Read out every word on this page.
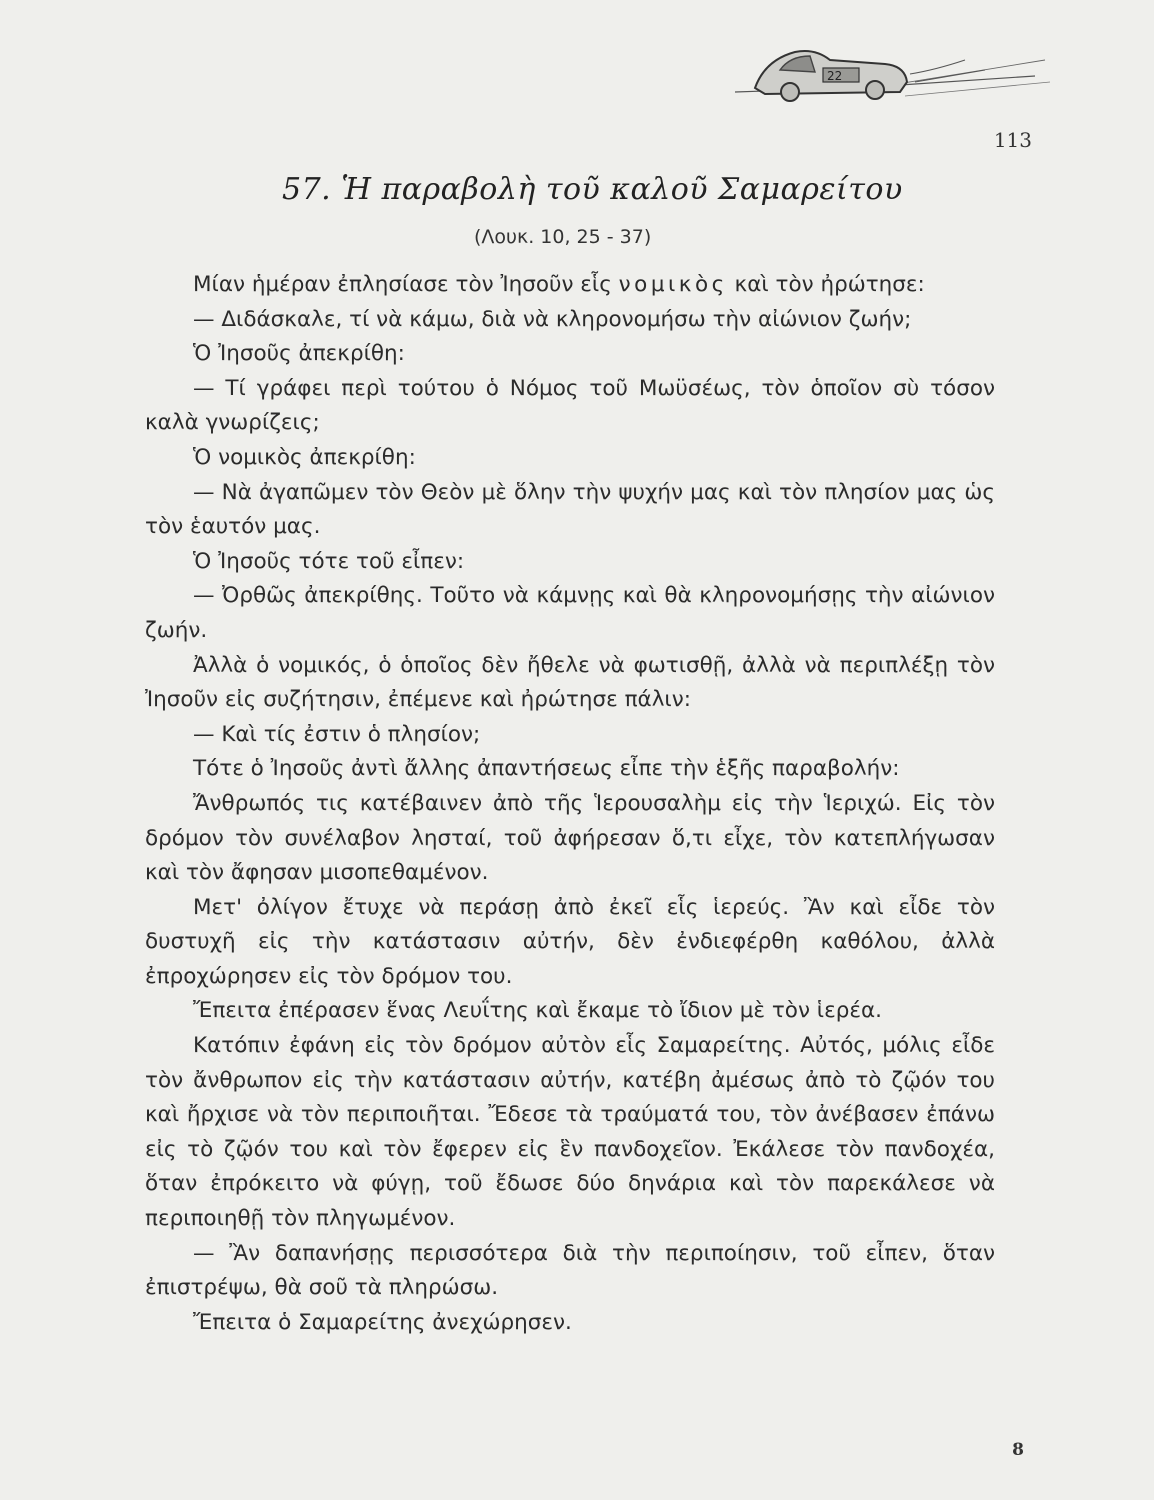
22
113
57. Ἡ παραβολὴ τοῦ καλοῦ Σαμαρείτου
(Λουκ. 10, 25 - 37)

Μίαν ἡμέραν ἐπλησίασε τὸν Ἰησοῦν εἷς νομικὸς καὶ τὸν ἠρώτησε:

— Διδάσκαλε, τί νὰ κάμω, διὰ νὰ κληρονομήσω τὴν αἰώνιον ζωήν;

Ὁ Ἰησοῦς ἀπεκρίθη:

— Τί γράφει περὶ τούτου ὁ Νόμος τοῦ Μωϋσέως, τὸν ὁποῖον σὺ τόσον καλὰ γνωρίζεις;

Ὁ νομικὸς ἀπεκρίθη:

— Νὰ ἀγαπῶμεν τὸν Θεὸν μὲ ὅλην τὴν ψυχήν μας καὶ τὸν πλησίον μας ὡς τὸν ἑαυτόν μας.

Ὁ Ἰησοῦς τότε τοῦ εἶπεν:

— Ὀρθῶς ἀπεκρίθης. Τοῦτο νὰ κάμνῃς καὶ θὰ κληρονομήσῃς τὴν αἰώνιον ζωήν.

Ἀλλὰ ὁ νομικός, ὁ ὁποῖος δὲν ἤθελε νὰ φωτισθῇ, ἀλλὰ νὰ περιπλέξῃ τὸν Ἰησοῦν εἰς συζήτησιν, ἐπέμενε καὶ ἠρώτησε πάλιν:

— Καὶ τίς ἐστιν ὁ πλησίον;

Τότε ὁ Ἰησοῦς ἀντὶ ἄλλης ἀπαντήσεως εἶπε τὴν ἑξῆς παραβολήν:

Ἄνθρωπός τις κατέβαινεν ἀπὸ τῆς Ἱερουσαλὴμ εἰς τὴν Ἱεριχώ. Εἰς τὸν δρόμον τὸν συνέλαβον λησταί, τοῦ ἀφήρεσαν ὅ,τι εἶχε, τὸν κατεπλήγωσαν καὶ τὸν ἄφησαν μισοπεθαμένον.

Μετ' ὀλίγον ἔτυχε νὰ περάσῃ ἀπὸ ἐκεῖ εἷς ἱερεύς. Ἂν καὶ εἶδε τὸν δυστυχῆ εἰς τὴν κατάστασιν αὐτήν, δὲν ἐνδιεφέρθη καθόλου, ἀλλὰ ἐπροχώρησεν εἰς τὸν δρόμον του.

Ἔπειτα ἐπέρασεν ἕνας Λευΐτης καὶ ἔκαμε τὸ ἴδιον μὲ τὸν ἱερέα.

Κατόπιν ἐφάνη εἰς τὸν δρόμον αὐτὸν εἷς Σαμαρείτης. Αὐτός, μόλις εἶδε τὸν ἄνθρωπον εἰς τὴν κατάστασιν αὐτήν, κατέβη ἀμέσως ἀπὸ τὸ ζῷόν του καὶ ἤρχισε νὰ τὸν περιποιῆται. Ἔδεσε τὰ τραύματά του, τὸν ἀνέβασεν ἐπάνω εἰς τὸ ζῷόν του καὶ τὸν ἔφερεν εἰς ἓν πανδοχεῖον. Ἐκάλεσε τὸν πανδοχέα, ὅταν ἐπρόκειτο νὰ φύγῃ, τοῦ ἔδωσε δύο δηνάρια καὶ τὸν παρεκάλεσε νὰ περιποιηθῇ τὸν πληγωμένον.

— Ἂν δαπανήσῃς περισσότερα διὰ τὴν περιποίησιν, τοῦ εἶπεν, ὅταν ἐπιστρέψω, θὰ σοῦ τὰ πληρώσω.

Ἔπειτα ὁ Σαμαρείτης ἀνεχώρησεν.

8
